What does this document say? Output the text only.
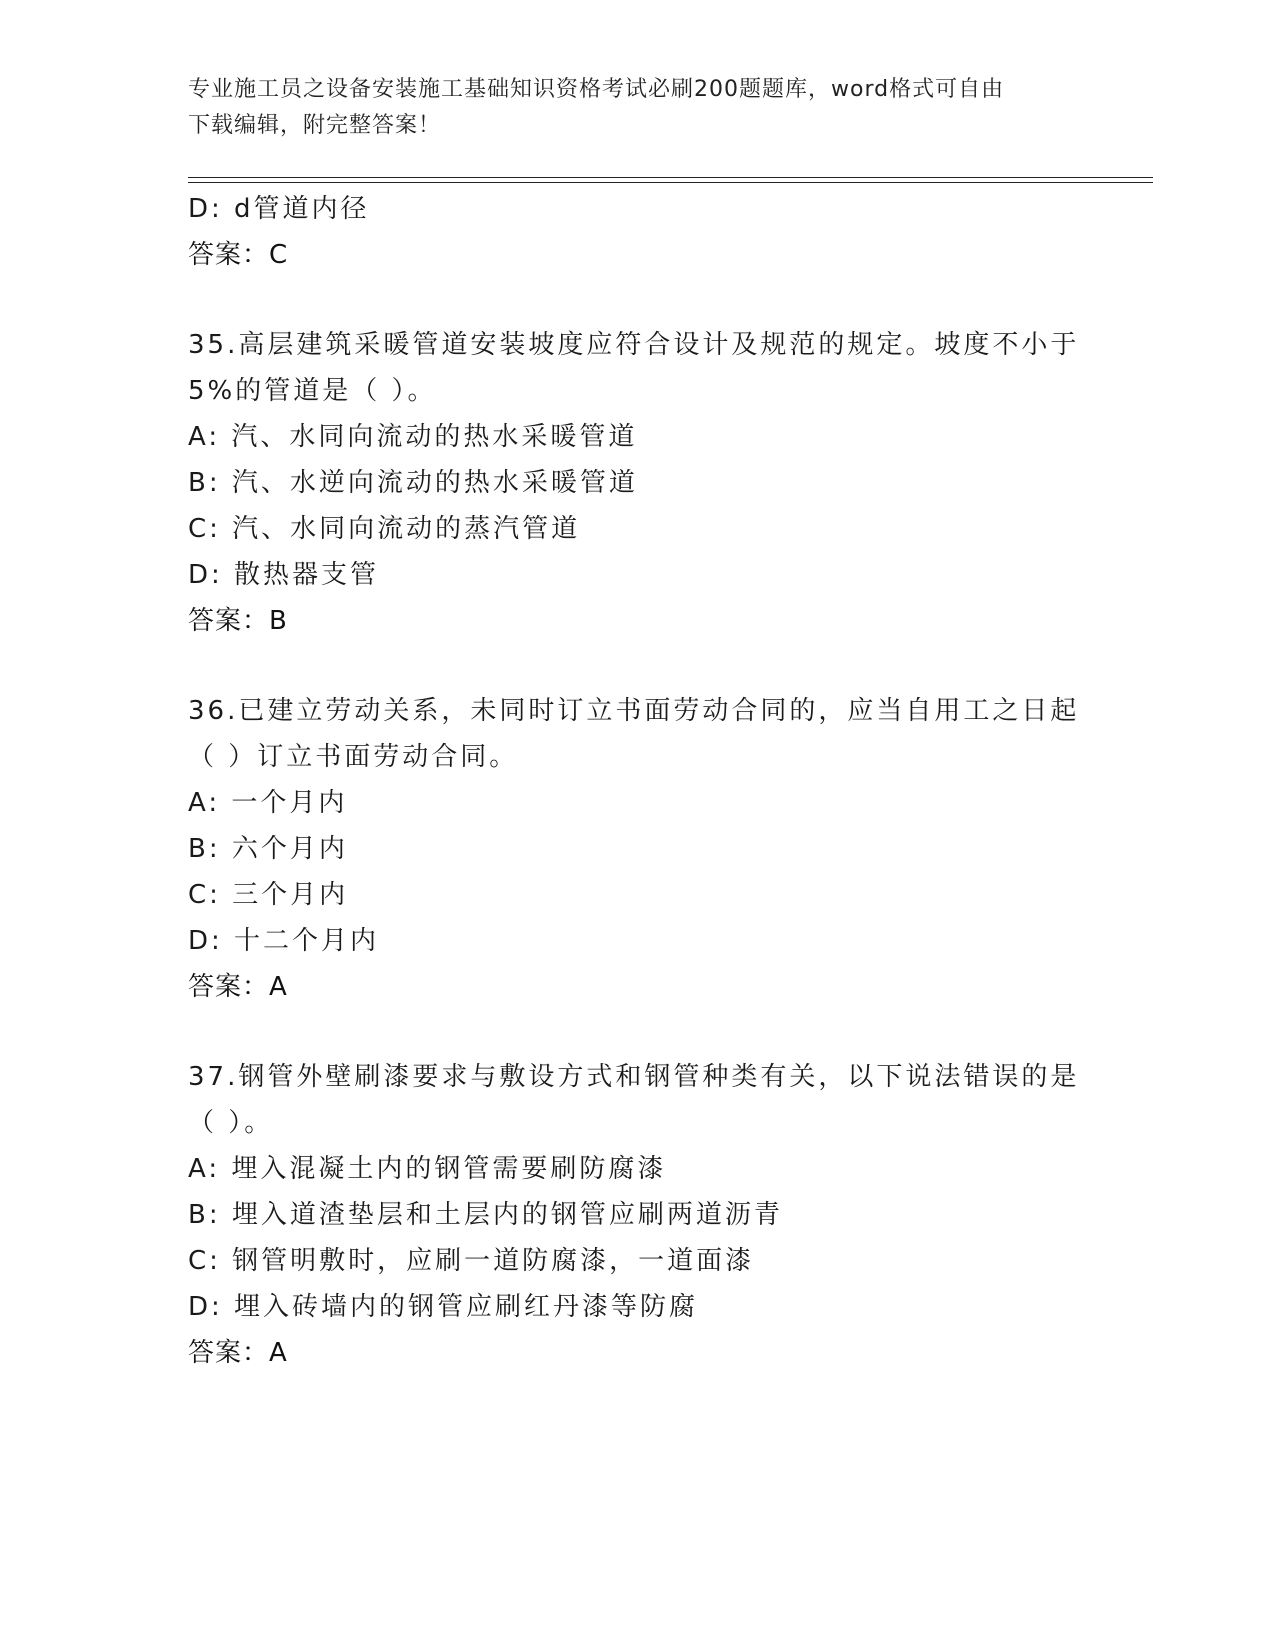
专业施工员之设备安装施工基础知识资格考试必刷200题题库，word格式可自由
下载编辑，附完整答案！
D: d管道内径
答案：C
35.高层建筑采暖管道安装坡度应符合设计及规范的规定。坡度不小于
5%的管道是（ ）。
A: 汽、水同向流动的热水采暖管道
B: 汽、水逆向流动的热水采暖管道
C: 汽、水同向流动的蒸汽管道
D: 散热器支管
答案：B
36.已建立劳动关系，未同时订立书面劳动合同的，应当自用工之日起
（ ）订立书面劳动合同。
A: 一个月内
B: 六个月内
C: 三个月内
D: 十二个月内
答案：A
37.钢管外壁刷漆要求与敷设方式和钢管种类有关，以下说法错误的是
（ ）。
A: 埋入混凝土内的钢管需要刷防腐漆
B: 埋入道渣垫层和土层内的钢管应刷两道沥青
C: 钢管明敷时，应刷一道防腐漆，一道面漆
D: 埋入砖墙内的钢管应刷红丹漆等防腐
答案：A
